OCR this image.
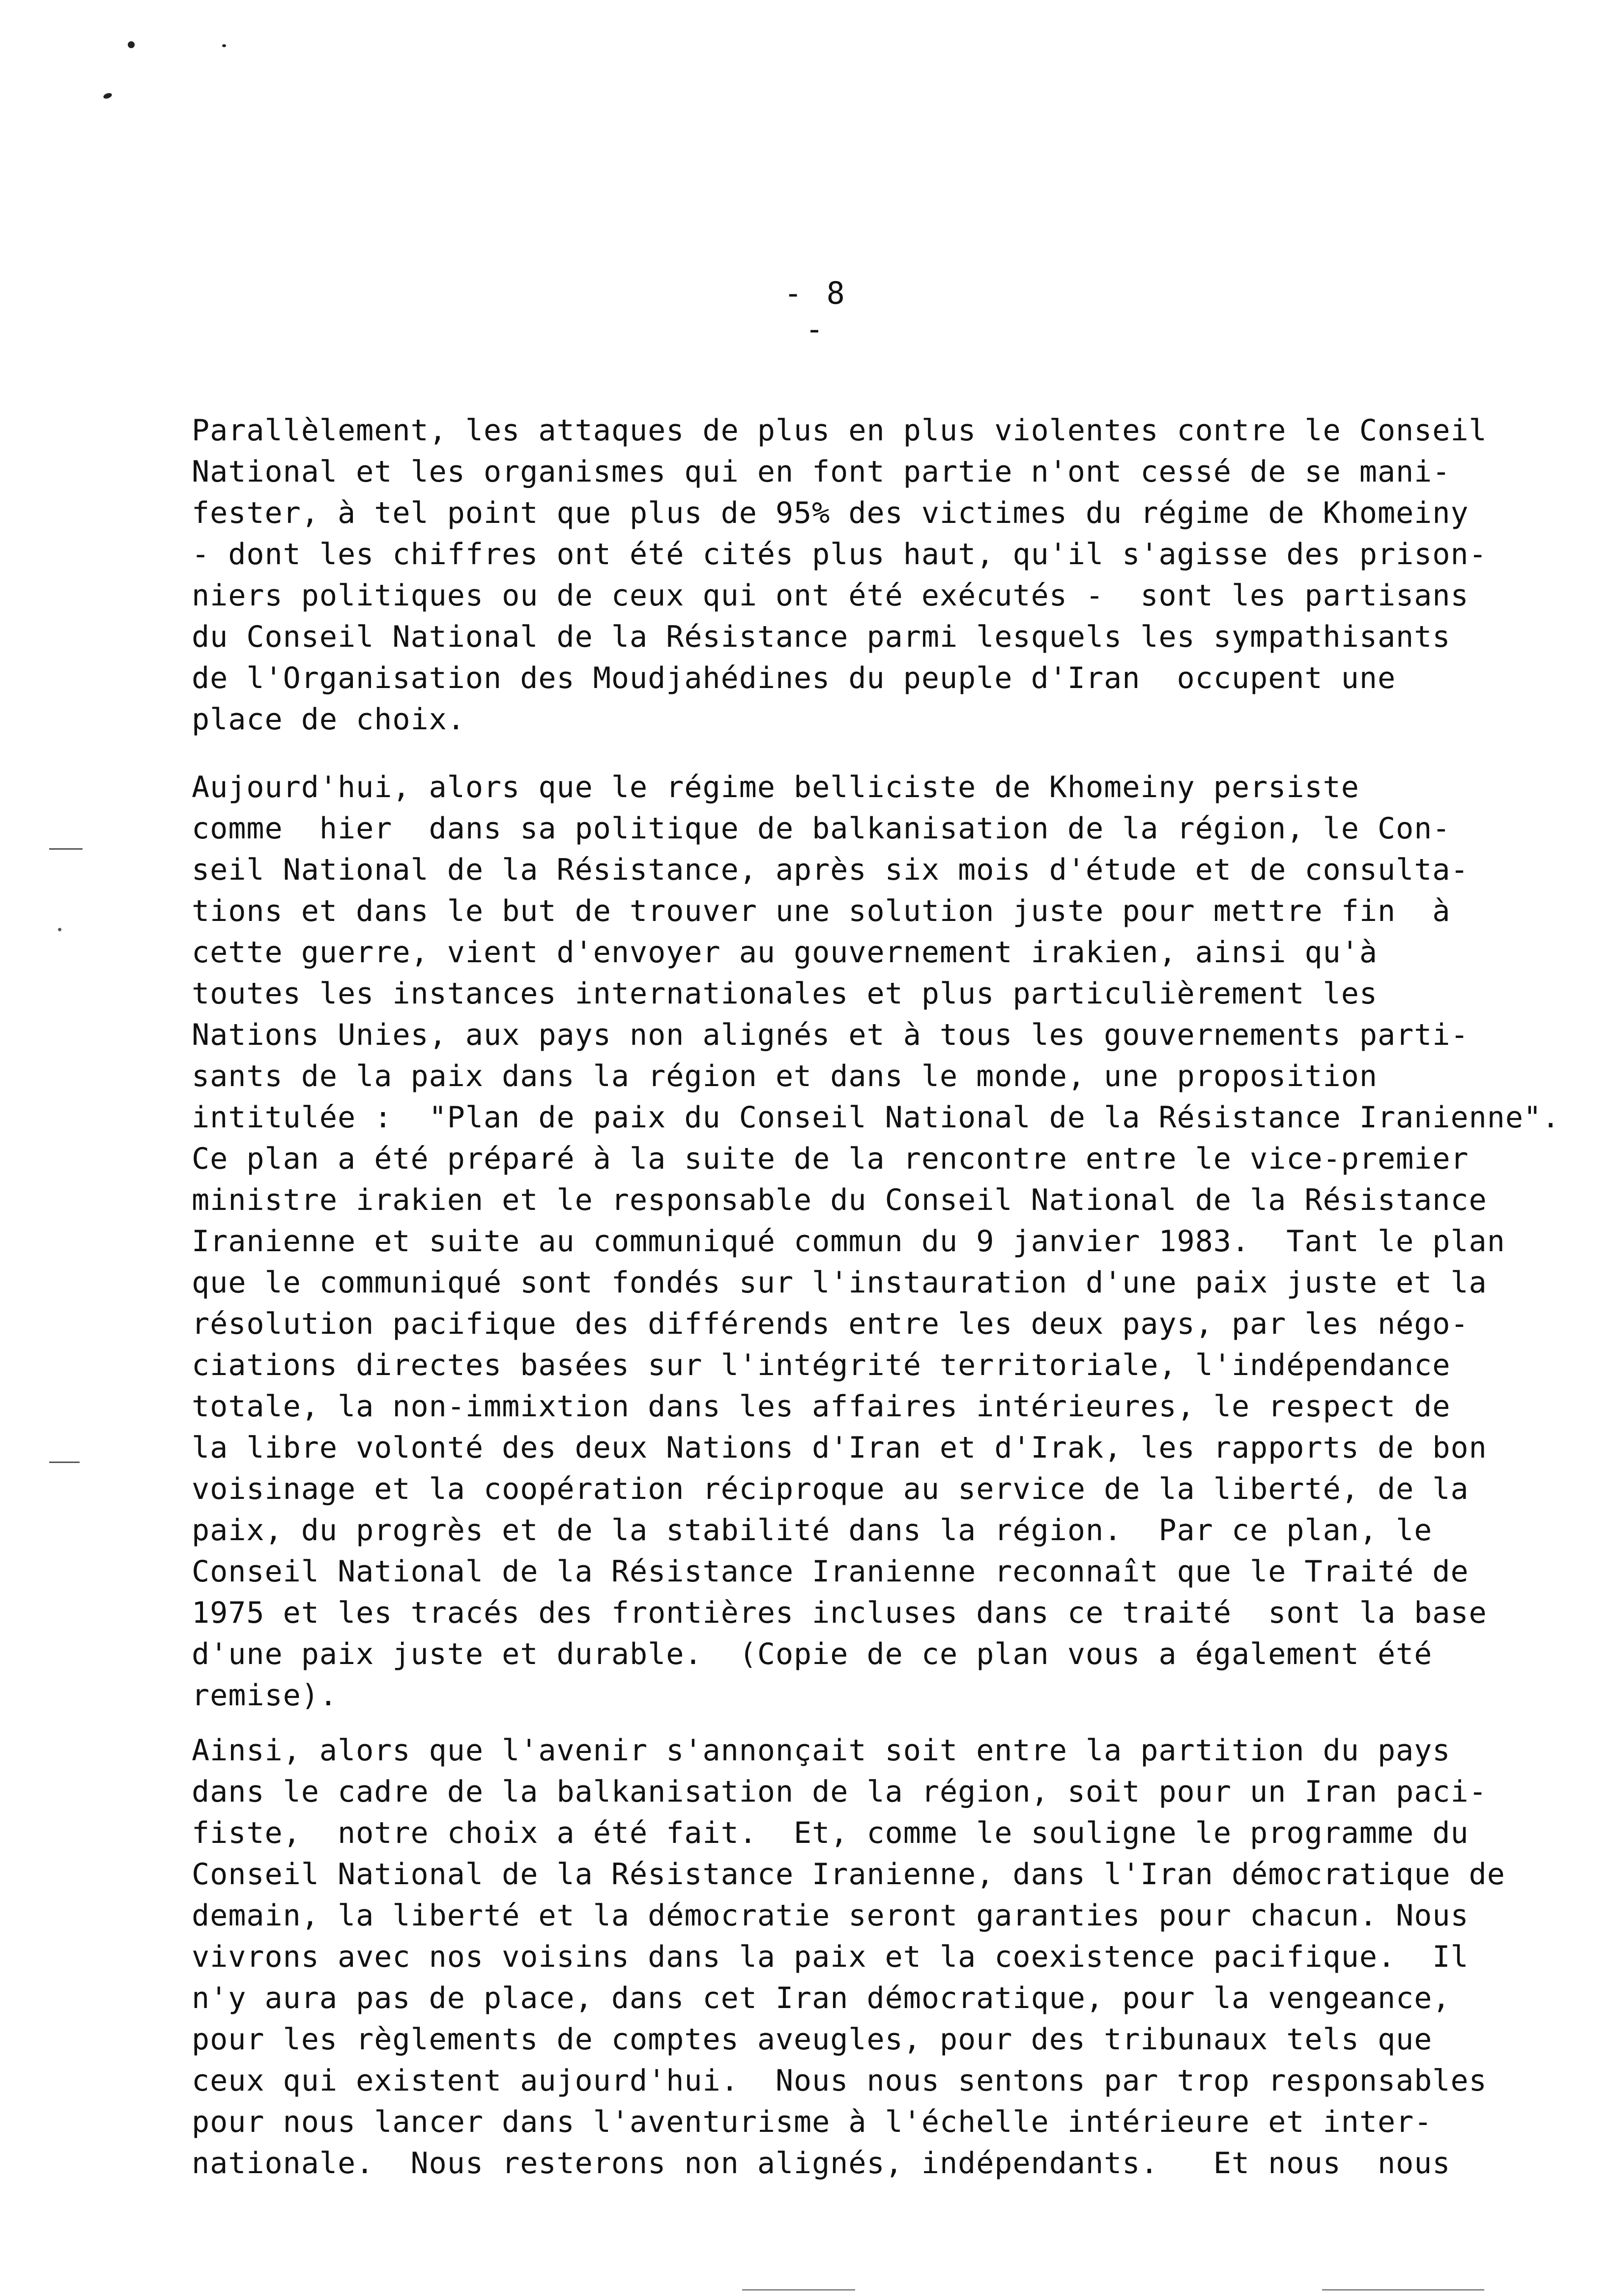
- 8 -
Parallèlement, les attaques de plus en plus violentes contre le Conseil
National et les organismes qui en font partie n'ont cessé de se mani-
fester, à tel point que plus de 95% des victimes du régime de Khomeiny
- dont les chiffres ont été cités plus haut, qu'il s'agisse des prison-
niers politiques ou de ceux qui ont été exécutés -  sont les partisans
du Conseil National de la Résistance parmi lesquels les sympathisants
de l'Organisation des Moudjahédines du peuple d'Iran  occupent une
place de choix.
Aujourd'hui, alors que le régime belliciste de Khomeiny persiste
comme  hier  dans sa politique de balkanisation de la région, le Con-
seil National de la Résistance, après six mois d'étude et de consulta-
tions et dans le but de trouver une solution juste pour mettre fin  à
cette guerre, vient d'envoyer au gouvernement irakien, ainsi qu'à
toutes les instances internationales et plus particulièrement les
Nations Unies, aux pays non alignés et à tous les gouvernements parti-
sants de la paix dans la région et dans le monde, une proposition
intitulée :  "Plan de paix du Conseil National de la Résistance Iranienne".
Ce plan a été préparé à la suite de la rencontre entre le vice-premier
ministre irakien et le responsable du Conseil National de la Résistance
Iranienne et suite au communiqué commun du 9 janvier 1983.  Tant le plan
que le communiqué sont fondés sur l'instauration d'une paix juste et la
résolution pacifique des différends entre les deux pays, par les négo-
ciations directes basées sur l'intégrité territoriale, l'indépendance
totale, la non-immixtion dans les affaires intérieures, le respect de
la libre volonté des deux Nations d'Iran et d'Irak, les rapports de bon
voisinage et la coopération réciproque au service de la liberté, de la
paix, du progrès et de la stabilité dans la région.  Par ce plan, le
Conseil National de la Résistance Iranienne reconnaît que le Traité de
1975 et les tracés des frontières incluses dans ce traité  sont la base
d'une paix juste et durable.  (Copie de ce plan vous a également été
remise).
Ainsi, alors que l'avenir s'annonçait soit entre la partition du pays
dans le cadre de la balkanisation de la région, soit pour un Iran paci-
fiste,  notre choix a été fait.  Et, comme le souligne le programme du
Conseil National de la Résistance Iranienne, dans l'Iran démocratique de
demain, la liberté et la démocratie seront garanties pour chacun. Nous
vivrons avec nos voisins dans la paix et la coexistence pacifique.  Il
n'y aura pas de place, dans cet Iran démocratique, pour la vengeance,
pour les règlements de comptes aveugles, pour des tribunaux tels que
ceux qui existent aujourd'hui.  Nous nous sentons par trop responsables
pour nous lancer dans l'aventurisme à l'échelle intérieure et inter-
nationale.  Nous resterons non alignés, indépendants.   Et nous  nous
